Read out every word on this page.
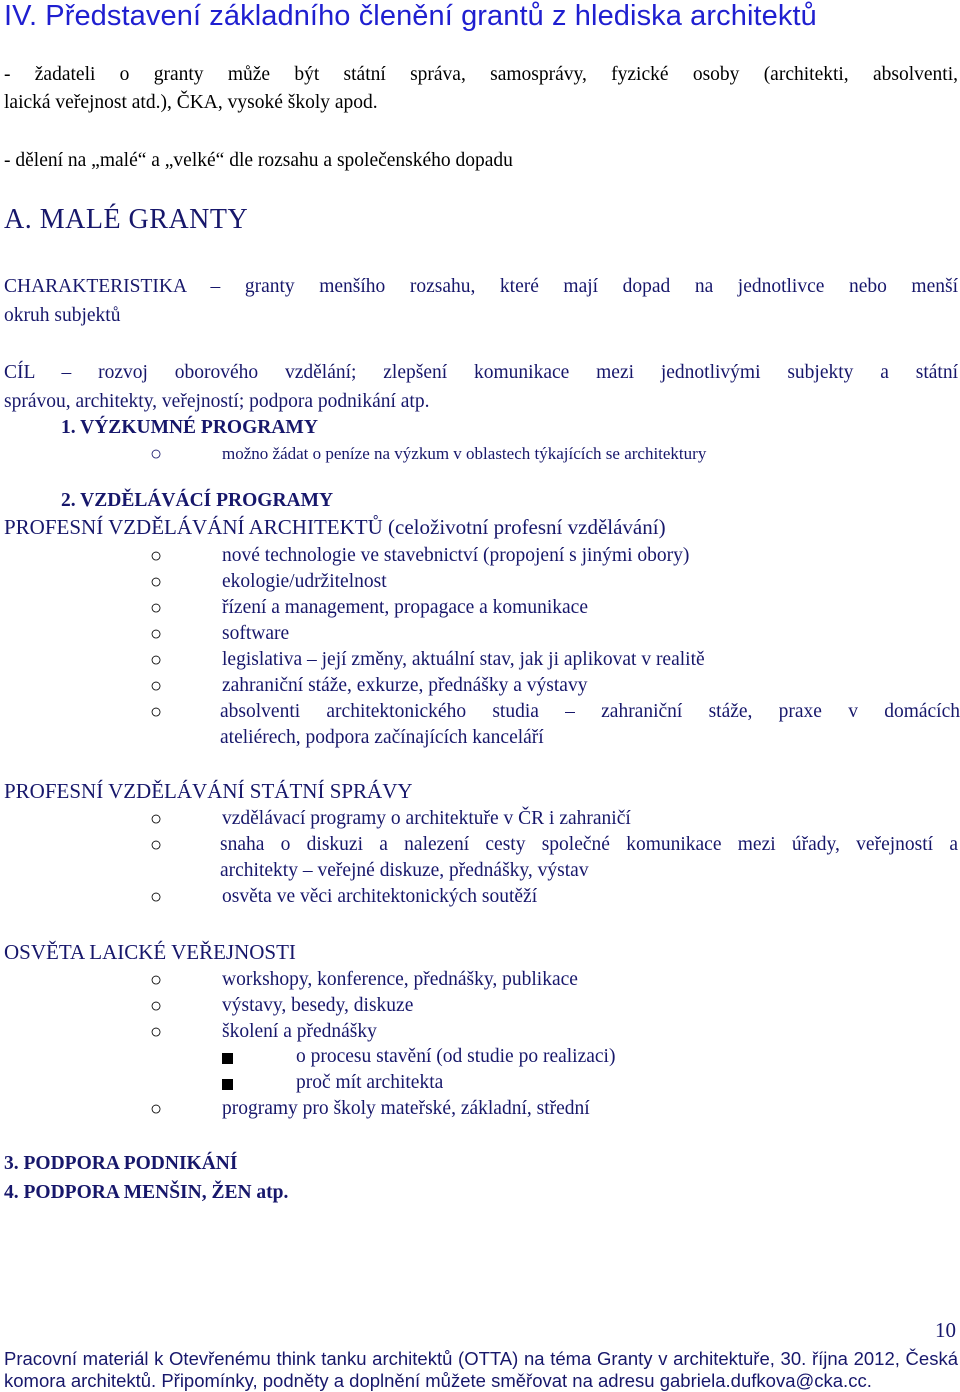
IV. Představení základního členění grantů z hlediska architektů
- žadateli o granty může být státní správa, samosprávy, fyzické osoby (architekti, absolventi,
laická veřejnost atd.), ČKA, vysoké školy apod.
- dělení na „malé“ a „velké“ dle rozsahu a společenského dopadu
A. MALÉ GRANTY
CHARAKTERISTIKA – granty menšího rozsahu, které mají dopad na jednotlivce nebo menší
okruh subjektů
CÍL – rozvoj oborového vzdělání; zlepšení komunikace mezi jednotlivými subjekty a státní
správou, architekty, veřejností; podpora podnikání atp.
1. VÝZKUMNÉ PROGRAMY
○	možno žádat o peníze na výzkum v oblastech týkajících se architektury
2. VZDĚLÁVÁCÍ PROGRAMY
PROFESNÍ VZDĚLÁVÁNÍ ARCHITEKTŮ (celoživotní profesní vzdělávání)
○	nové technologie ve stavebnictví (propojení s jinými obory)
○	ekologie/udržitelnost
○	řízení a management, propagace a komunikace
○	software
○	legislativa – její změny, aktuální stav, jak ji aplikovat v realitě
○	zahraniční stáže, exkurze, přednášky a výstavy
○	absolventi architektonického studia – zahraniční stáže, praxe v domácích
ateliérech, podpora začínajících kanceláří
PROFESNÍ VZDĚLÁVÁNÍ STÁTNÍ SPRÁVY
○	vzdělávací programy o architektuře v ČR i zahraničí
○	snaha o diskuzi a nalezení cesty společné komunikace mezi úřady, veřejností a
architekty – veřejné diskuze, přednášky, výstav
○	osvěta ve věci architektonických soutěží
OSVĚTA LAICKÉ VEŘEJNOSTI
○	workshopy, konference, přednášky, publikace
○	výstavy, besedy, diskuze
○	školení a přednášky
o procesu stavění (od studie po realizaci)
proč mít architekta
○	programy pro školy mateřské, základní, střední
3. PODPORA PODNIKÁNÍ
4. PODPORA MENŠIN, ŽEN atp.
10
Pracovní materiál k Otevřenému think tanku architektů (OTTA) na téma Granty v architektuře, 30. října 2012, Česká
komora architektů. Připomínky, podněty a doplnění můžete směřovat na adresu gabriela.dufkova@cka.cc.
